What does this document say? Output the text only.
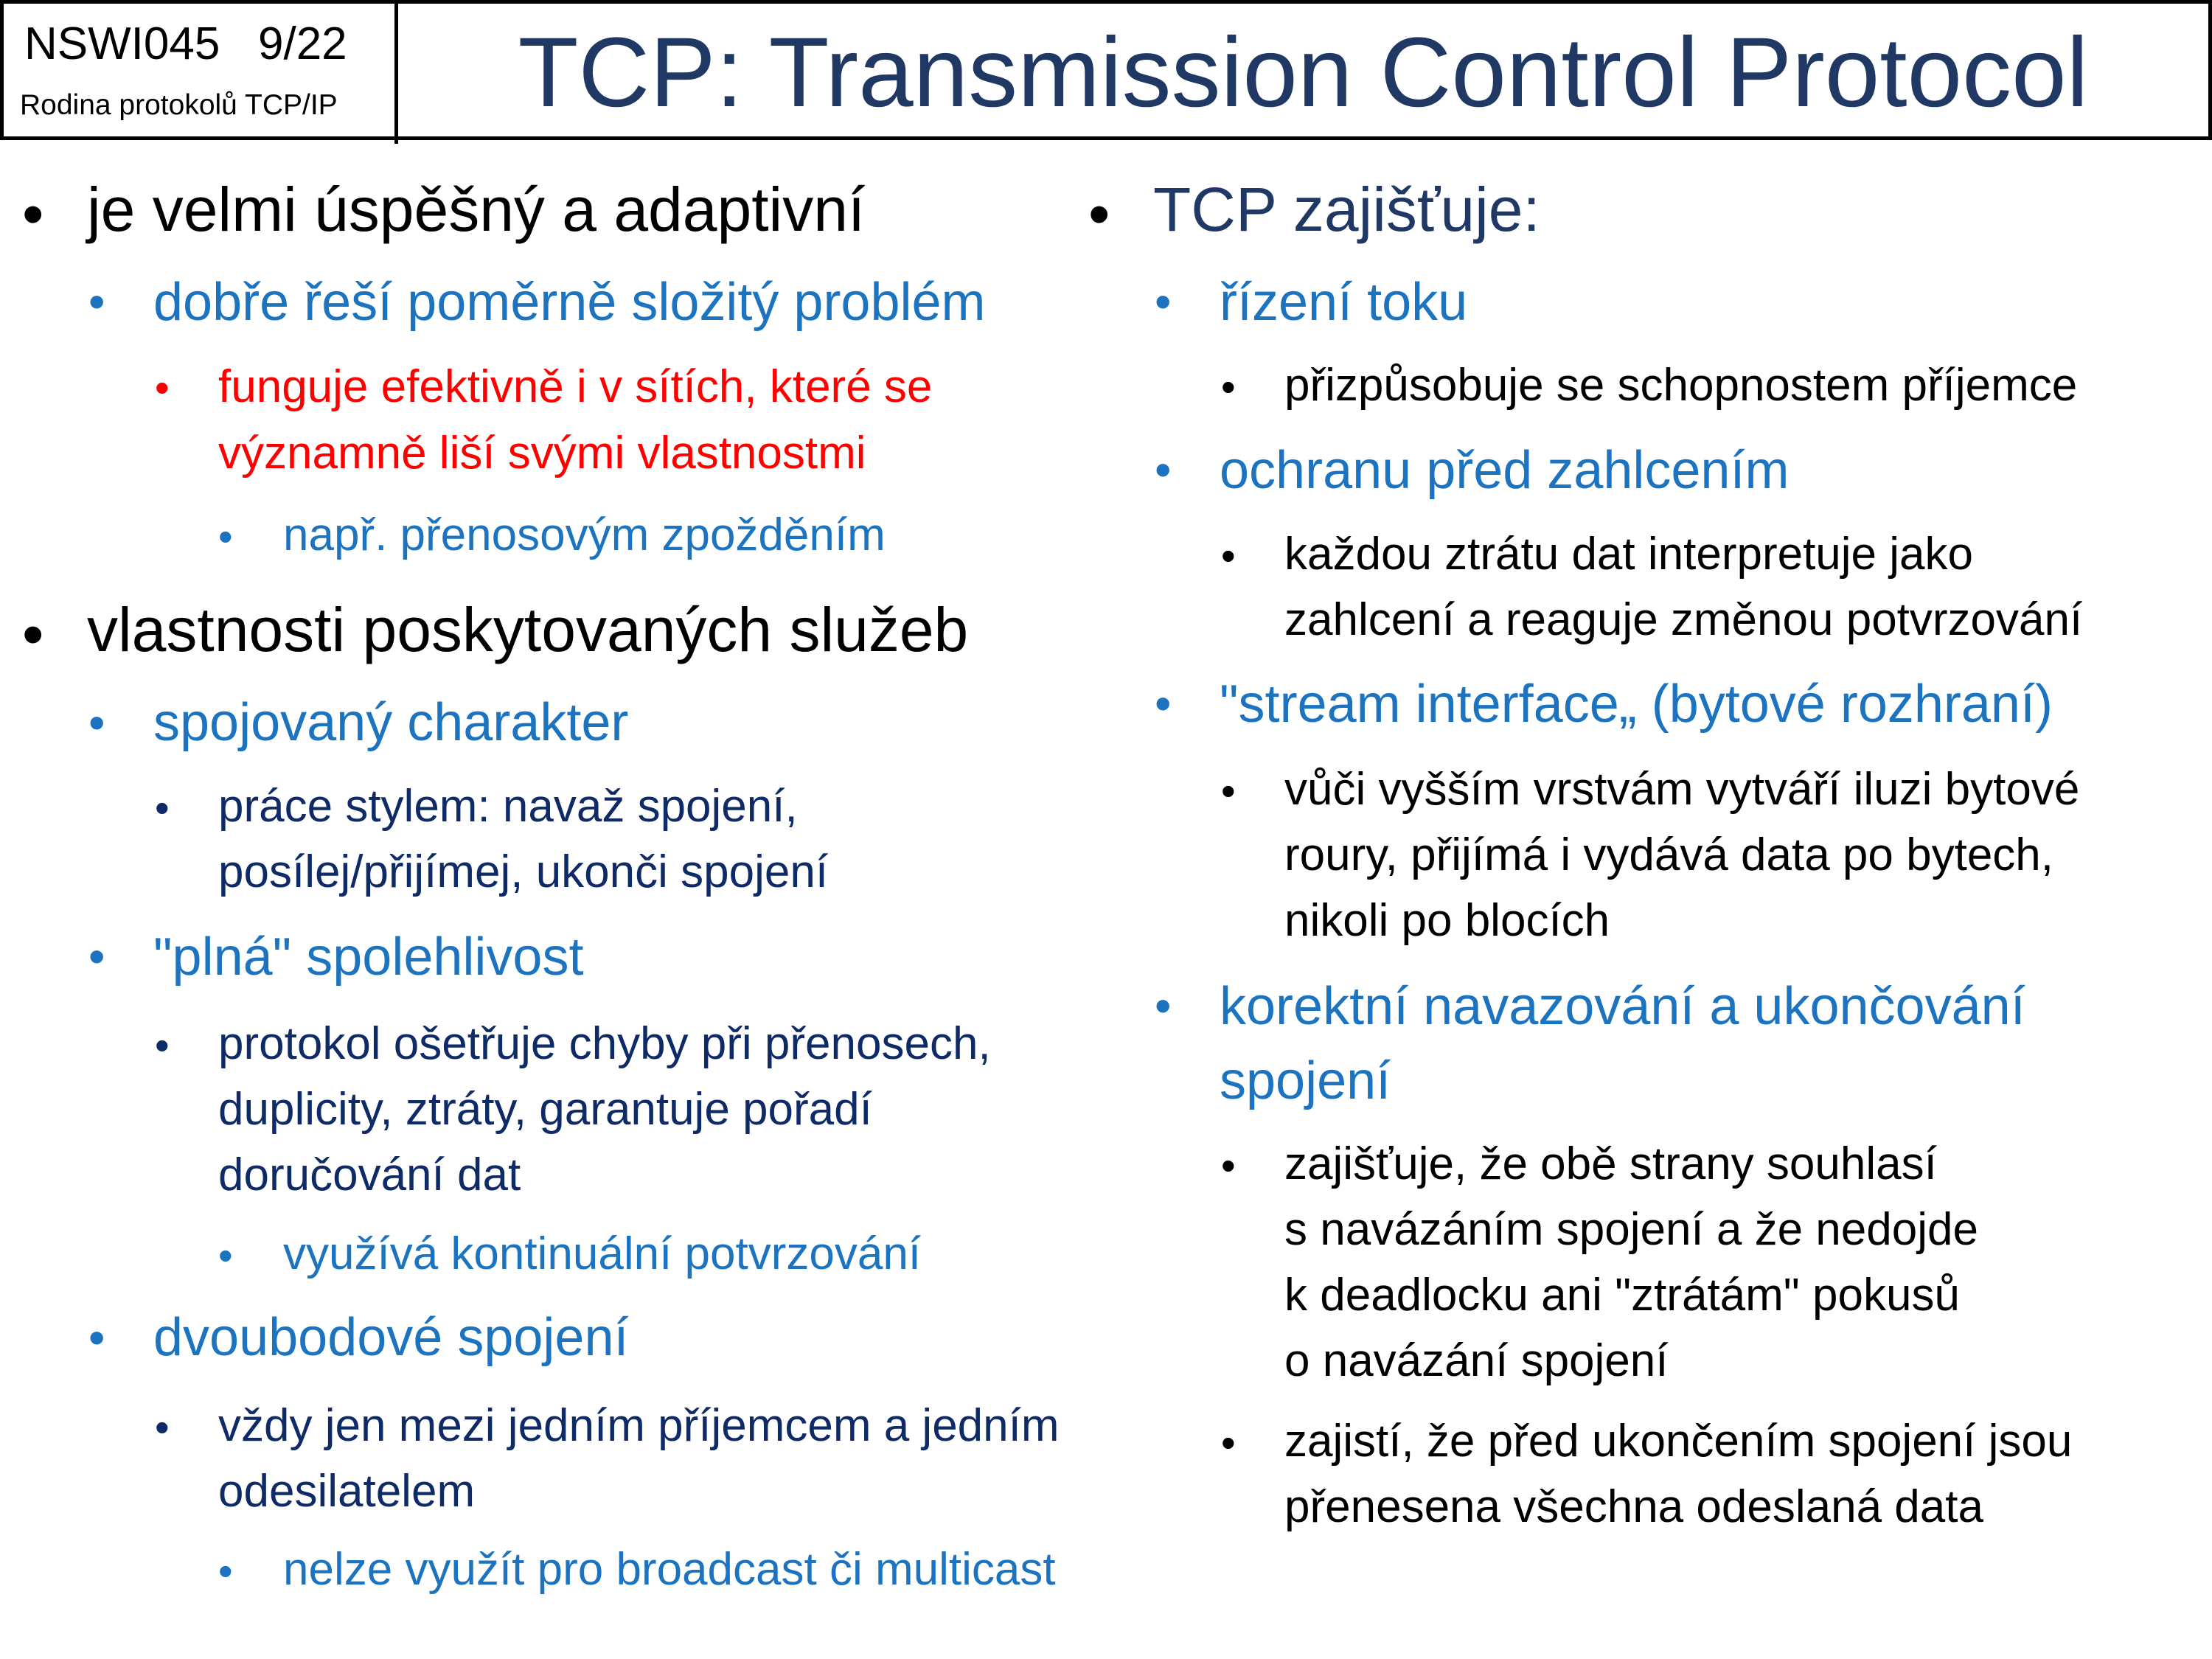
NSWI045   9/22
Rodina protokolů TCP/IP	TCP: Transmission Control Protocol
• je velmi úspěšný a adaptivní
• dobře řeší poměrně složitý problém
• funguje efektivně i v sítích, které se
významně liší svými vlastnostmi
• např. přenosovým zpožděním
• vlastnosti poskytovaných služeb
• spojovaný charakter
• práce stylem: navaž spojení,
posílej/přijímej, ukonči spojení
• "plná" spolehlivost
• protokol ošetřuje chyby při přenosech,
duplicity, ztráty, garantuje pořadí
doručování dat
• využívá kontinuální potvrzování
• dvoubodové spojení
• vždy jen mezi jedním příjemcem a jedním
odesilatelem
• nelze využít pro broadcast či multicast
• TCP zajišťuje:
• řízení toku
• přizpůsobuje se schopnostem příjemce
• ochranu před zahlcením
• každou ztrátu dat interpretuje jako
zahlcení a reaguje změnou potvrzování
• "stream interface„ (bytové rozhraní)
• vůči vyšším vrstvám vytváří iluzi bytové
roury, přijímá i vydává data po bytech,
nikoli po blocích
• korektní navazování a ukončování
spojení
• zajišťuje, že obě strany souhlasí
s navázáním spojení a že nedojde
k deadlocku ani "ztrátám" pokusů
o navázání spojení
• zajistí, že před ukončením spojení jsou
přenesena všechna odeslaná data
